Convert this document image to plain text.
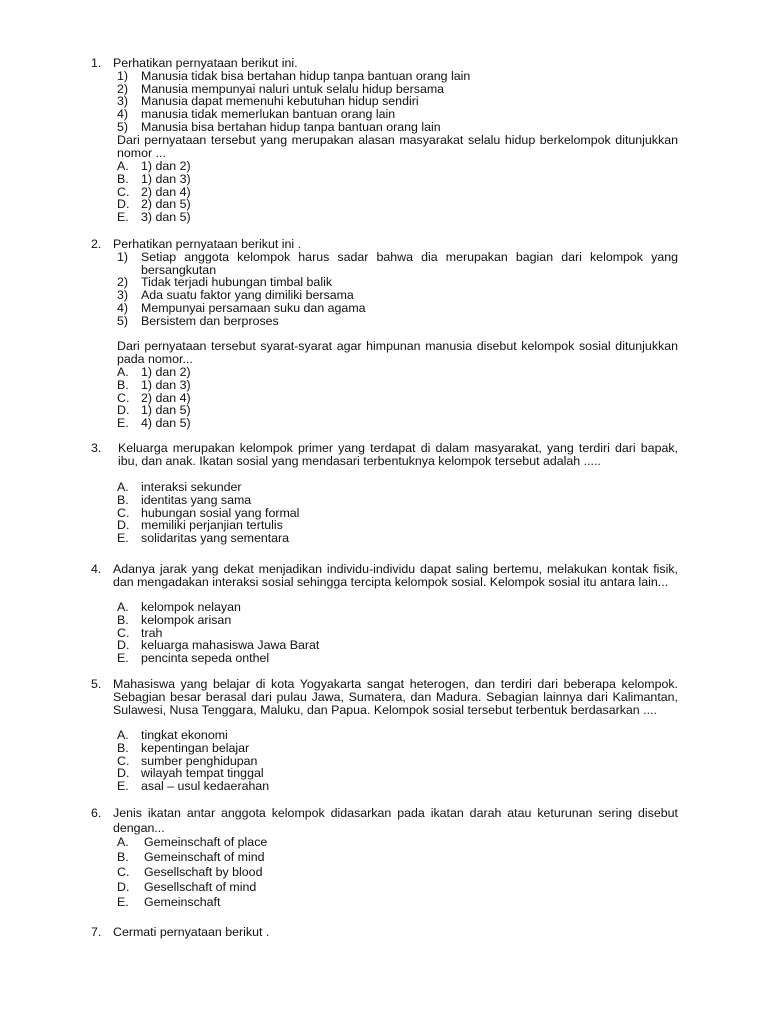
1. Perhatikan pernyataan berikut ini.
1) Manusia tidak bisa bertahan hidup tanpa bantuan orang lain
2) Manusia mempunyai naluri untuk selalu hidup bersama
3) Manusia dapat memenuhi kebutuhan hidup sendiri
4) manusia tidak memerlukan bantuan orang lain
5) Manusia bisa bertahan hidup tanpa bantuan orang lain
Dari pernyataan tersebut yang merupakan alasan masyarakat selalu hidup berkelompok ditunjukkan nomor ...
A. 1) dan 2)
B. 1) dan 3)
C. 2) dan 4)
D. 2) dan 5)
E. 3) dan 5)
2. Perhatikan pernyataan berikut ini .
1) Setiap anggota kelompok harus sadar bahwa dia merupakan bagian dari kelompok yang bersangkutan
2) Tidak terjadi hubungan timbal balik
3) Ada suatu faktor yang dimiliki bersama
4) Mempunyai persamaan suku dan agama
5) Bersistem dan berproses
Dari pernyataan tersebut syarat-syarat agar himpunan manusia disebut kelompok sosial ditunjukkan pada nomor...
A. 1) dan 2)
B. 1) dan 3)
C. 2) dan 4)
D. 1) dan 5)
E. 4) dan 5)
3. Keluarga merupakan kelompok primer yang terdapat di dalam masyarakat, yang terdiri dari bapak, ibu, dan anak. Ikatan sosial yang mendasari terbentuknya kelompok tersebut adalah .....
A. interaksi sekunder
B. identitas yang sama
C. hubungan sosial yang formal
D. memiliki perjanjian tertulis
E. solidaritas yang sementara
4. Adanya jarak yang dekat menjadikan individu-individu dapat saling bertemu, melakukan kontak fisik, dan mengadakan interaksi sosial sehingga tercipta kelompok sosial. Kelompok sosial itu antara lain...
A. kelompok nelayan
B. kelompok arisan
C. trah
D. keluarga mahasiswa Jawa Barat
E. pencinta sepeda onthel
5. Mahasiswa yang belajar di kota Yogyakarta sangat heterogen, dan terdiri dari beberapa kelompok. Sebagian besar berasal dari pulau Jawa, Sumatera, dan Madura. Sebagian lainnya dari Kalimantan, Sulawesi, Nusa Tenggara, Maluku, dan Papua. Kelompok sosial tersebut terbentuk berdasarkan ....
A. tingkat ekonomi
B. kepentingan belajar
C. sumber penghidupan
D. wilayah tempat tinggal
E. asal – usul kedaerahan
6. Jenis ikatan antar anggota kelompok didasarkan pada ikatan darah atau keturunan sering disebut dengan...
A. Gemeinschaft of place
B. Gemeinschaft of mind
C. Gesellschaft by blood
D. Gesellschaft of mind
E. Gemeinschaft
7. Cermati pernyataan berikut .
